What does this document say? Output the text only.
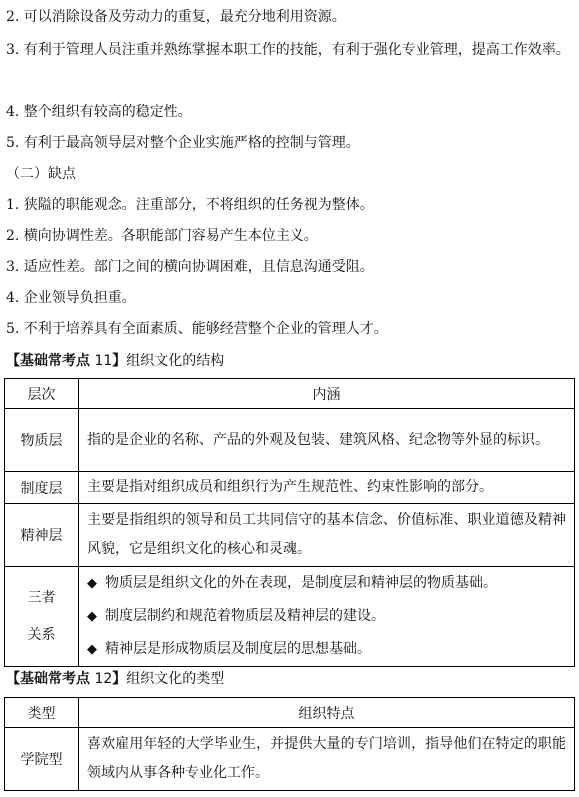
2. 可以消除设备及劳动力的重复，最充分地利用资源。
3. 有利于管理人员注重并熟练掌握本职工作的技能，有利于强化专业管理，提高工作效率。
4. 整个组织有较高的稳定性。
5. 有利于最高领导层对整个企业实施严格的控制与管理。
（二）缺点
1. 狭隘的职能观念。注重部分，不将组织的任务视为整体。
2. 横向协调性差。各职能部门容易产生本位主义。
3. 适应性差。部门之间的横向协调困难，且信息沟通受阻。
4. 企业领导负担重。
5. 不利于培养具有全面素质、能够经营整个企业的管理人才。
【基础常考点 11】组织文化的结构
层次	内涵
物质层	指的是企业的名称、产品的外观及包装、建筑风格、纪念物等外显的标识。
制度层	主要是指对组织成员和组织行为产生规范性、约束性影响的部分。
精神层	主要是指组织的领导和员工共同信守的基本信念、价值标准、职业道德及精神风貌，它是组织文化的核心和灵魂。
三者
关系	◆ 物质层是组织文化的外在表现，是制度层和精神层的物质基础。
◆ 制度层制约和规范着物质层及精神层的建设。
◆ 精神层是形成物质层及制度层的思想基础。
【基础常考点 12】组织文化的类型
类型	组织特点
学院型	喜欢雇用年轻的大学毕业生，并提供大量的专门培训，指导他们在特定的职能领域内从事各种专业化工作。
